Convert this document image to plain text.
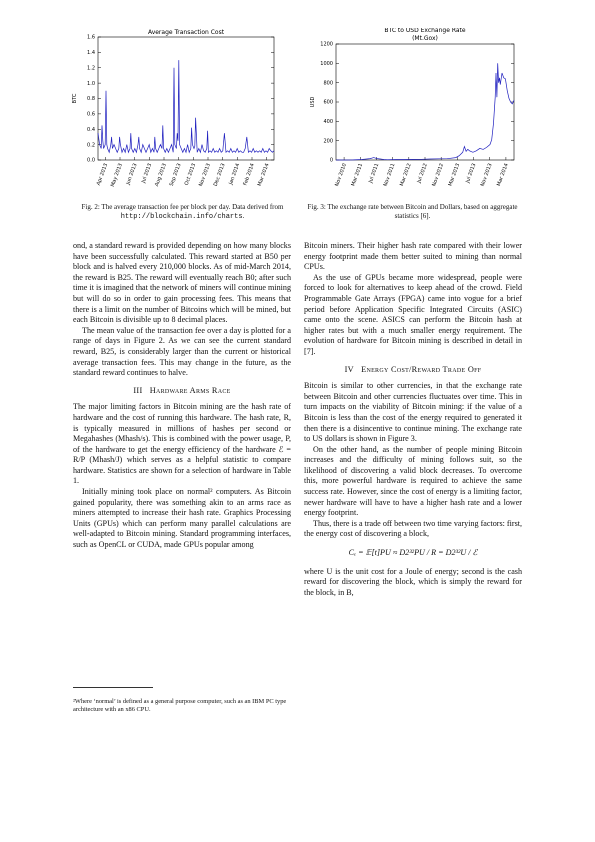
Average Transaction Cost
BTC
0.0
0.2
0.4
0.6
0.8
1.0
1.2
1.4
1.6
Apr 2013 May 2013 Jun 2013 Jul 2013 Aug 2013 Sep 2013 Oct 2013 Nov 2013 Dec 2013 Jan 2014 Feb 2014 Mar 2014
Fig. 2: The average transaction fee per block per day. Data derived from http://blockchain.info/charts.
BTC to USD Exchange Rate
(Mt.Gox)
USD
0
200
400
600
800
1000
1200
Nov 2010 Mar 2011 Jul 2011 Nov 2011 Mar 2012 Jul 2012 Nov 2012 Mar 2013 Jul 2013 Nov 2013 Mar 2014
Fig. 3: The exchange rate between Bitcoin and Dollars, based on aggregate statistics [6].

ond, a standard reward is provided depending on how many blocks have been successfully calculated. This reward started at B50 per block and is halved every 210,000 blocks. As of mid-March 2014, the reward is B25. The reward will eventually reach B0; after such time it is imagined that the network of miners will continue mining but will do so in order to gain processing fees. This means that there is a limit on the number of Bitcoins which will be mined, but each Bitcoin is divisible up to 8 decimal places.

The mean value of the transaction fee over a day is plotted for a range of days in Figure 2. As we can see the current standard reward, B25, is considerably larger than the current or historical average transaction fees. This may change in the future, as the standard reward continues to halve.

III Hardware Arms Race

The major limiting factors in Bitcoin mining are the hash rate of hardware and the cost of running this hardware. The hash rate, R, is typically measured in millions of hashes per second or Megahashes (Mhash/s). This is combined with the power usage, P, of the hardware to get the energy efficiency of the hardware ℰ = R/P (Mhash/J) which serves as a helpful statistic to compare hardware. Statistics are shown for a selection of hardware in Table 1.

Initially mining took place on normal² computers. As Bitcoin gained popularity, there was something akin to an arms race as miners attempted to increase their hash rate. Graphics Processing Units (GPUs) which can perform many parallel calculations are well-adapted to Bitcoin mining. Standard programming interfaces, such as OpenCL or CUDA, made GPUs popular among

²Where ‘normal’ is defined as a general purpose computer, such as an IBM PC type architecture with an x86 CPU.

Bitcoin miners. Their higher hash rate compared with their lower energy footprint made them better suited to mining than normal CPUs.

As the use of GPUs became more widespread, people were forced to look for alternatives to keep ahead of the crowd. Field Programmable Gate Arrays (FPGA) came into vogue for a brief period before Application Specific Integrated Circuits (ASIC) came onto the scene. ASICS can perform the Bitcoin hash at higher rates but with a much smaller energy requirement. The evolution of hardware for Bitcoin mining is described in detail in [7].

IV Energy Cost/Reward Trade Off

Bitcoin is similar to other currencies, in that the exchange rate between Bitcoin and other currencies fluctuates over time. This in turn impacts on the viability of Bitcoin mining: if the value of a Bitcoin is less than the cost of the energy required to generated it then there is a disincentive to continue mining. The exchange rate to US dollars is shown in Figure 3.

On the other hand, as the number of people mining Bitcoin increases and the difficulty of mining follows suit, so the likelihood of discovering a valid block decreases. To overcome this, more powerful hardware is required to achieve the same success rate. However, since the cost of energy is a limiting factor, newer hardware will have to have a higher hash rate and a lower energy footprint.

Thus, there is a trade off between two time varying factors: first, the energy cost of discovering a block,

Cₑ = 𝔼[t]PU ≈ D2³²PU / R = D2³²U / ℰ

where U is the unit cost for a Joule of energy; second is the cash reward for discovering the block, which is simply the reward for the block, in B,
